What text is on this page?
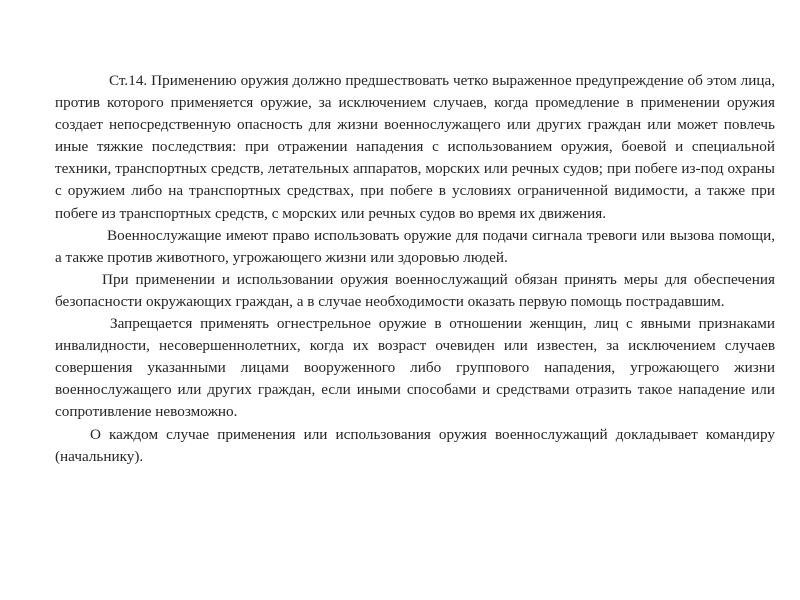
Ст.14. Применению оружия должно предшествовать четко выраженное предупреждение об этом лица, против которого применяется оружие, за исключением случаев, когда промедление в применении оружия создает непосредственную опасность для жизни военнослужащего или других граждан или может повлечь иные тяжкие последствия: при отражении нападения с использованием оружия, боевой и специальной техники, транспортных средств, летательных аппаратов, морских или речных судов; при побеге из-под охраны с оружием либо на транспортных средствах, при побеге в условиях ограниченной видимости, а также при побеге из транспортных средств, с морских или речных судов во время их движения.

Военнослужащие имеют право использовать оружие для подачи сигнала тревоги или вызова помощи, а также против животного, угрожающего жизни или здоровью людей.

При применении и использовании оружия военнослужащий обязан принять меры для обеспечения безопасности окружающих граждан, а в случае необходимости оказать первую помощь пострадавшим.

Запрещается применять огнестрельное оружие в отношении женщин, лиц с явными признаками инвалидности, несовершеннолетних, когда их возраст очевиден или известен, за исключением случаев совершения указанными лицами вооруженного либо группового нападения, угрожающего жизни военнослужащего или других граждан, если иными способами и средствами отразить такое нападение или сопротивление невозможно.

О каждом случае применения или использования оружия военнослужащий докладывает командиру (начальнику).
